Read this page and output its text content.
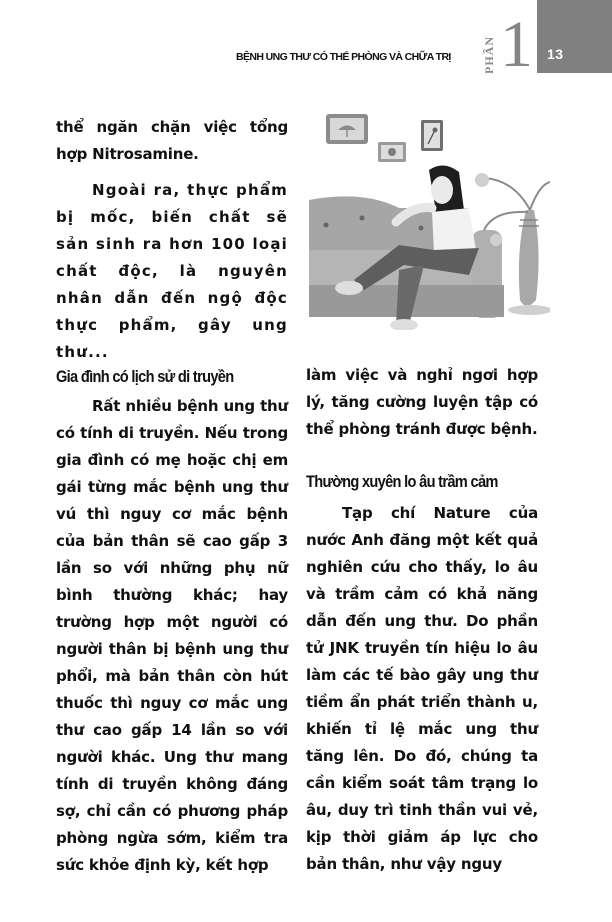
13
BỆNH UNG THƯ CÓ THỂ PHÒNG VÀ CHỮA TRỊ	PHẦN 1

thể ngăn chặn việc tổng hợp Nitrosamine.

Ngoài ra, thực phẩm bị mốc, biến chất sẽ sản sinh ra hơn 100 loại chất độc, là nguyên nhân dẫn đến ngộ độc thực phẩm, gây ung thư...

Gia đình có lịch sử di truyền

Rất nhiều bệnh ung thư có tính di truyền. Nếu trong gia đình có mẹ hoặc chị em gái từng mắc bệnh ung thư vú thì nguy cơ mắc bệnh của bản thân sẽ cao gấp 3 lần so với những phụ nữ bình thường khác; hay trường hợp một người có người thân bị bệnh ung thư phổi, mà bản thân còn hút thuốc thì nguy cơ mắc ung thư cao gấp 14 lần so với người khác. Ung thư mang tính di truyền không đáng sợ, chỉ cần có phương pháp phòng ngừa sớm, kiểm tra sức khỏe định kỳ, kết hợp

làm việc và nghỉ ngơi hợp lý, tăng cường luyện tập có thể phòng tránh được bệnh.

Thường xuyên lo âu trầm cảm

Tạp chí Nature của nước Anh đăng một kết quả nghiên cứu cho thấy, lo âu và trầm cảm có khả năng dẫn đến ung thư. Do phần tử JNK truyền tín hiệu lo âu làm các tế bào gây ung thư tiềm ẩn phát triển thành u, khiến tỉ lệ mắc ung thư tăng lên. Do đó, chúng ta cần kiểm soát tâm trạng lo âu, duy trì tinh thần vui vẻ, kịp thời giảm áp lực cho bản thân, như vậy nguy
